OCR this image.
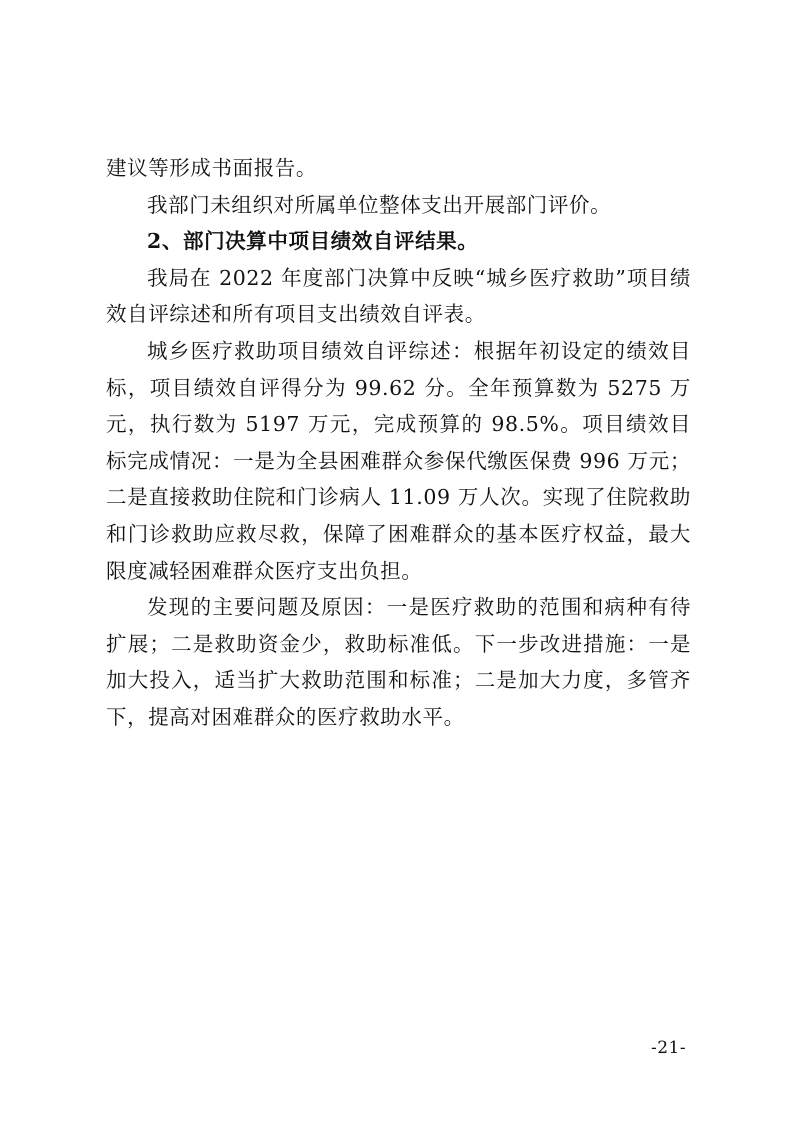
建议等形成书面报告。

我部门未组织对所属单位整体支出开展部门评价。

2、部门决算中项目绩效自评结果。

我局在 2022 年度部门决算中反映“城乡医疗救助”项目绩效自评综述和所有项目支出绩效自评表。

城乡医疗救助项目绩效自评综述：根据年初设定的绩效目标，项目绩效自评得分为 99.62 分。全年预算数为 5275 万元，执行数为 5197 万元，完成预算的 98.5%。项目绩效目标完成情况：一是为全县困难群众参保代缴医保费 996 万元；二是直接救助住院和门诊病人 11.09 万人次。实现了住院救助和门诊救助应救尽救，保障了困难群众的基本医疗权益，最大限度减轻困难群众医疗支出负担。

发现的主要问题及原因：一是医疗救助的范围和病种有待扩展；二是救助资金少，救助标准低。下一步改进措施：一是加大投入，适当扩大救助范围和标准；二是加大力度，多管齐下，提高对困难群众的医疗救助水平。

-21-
